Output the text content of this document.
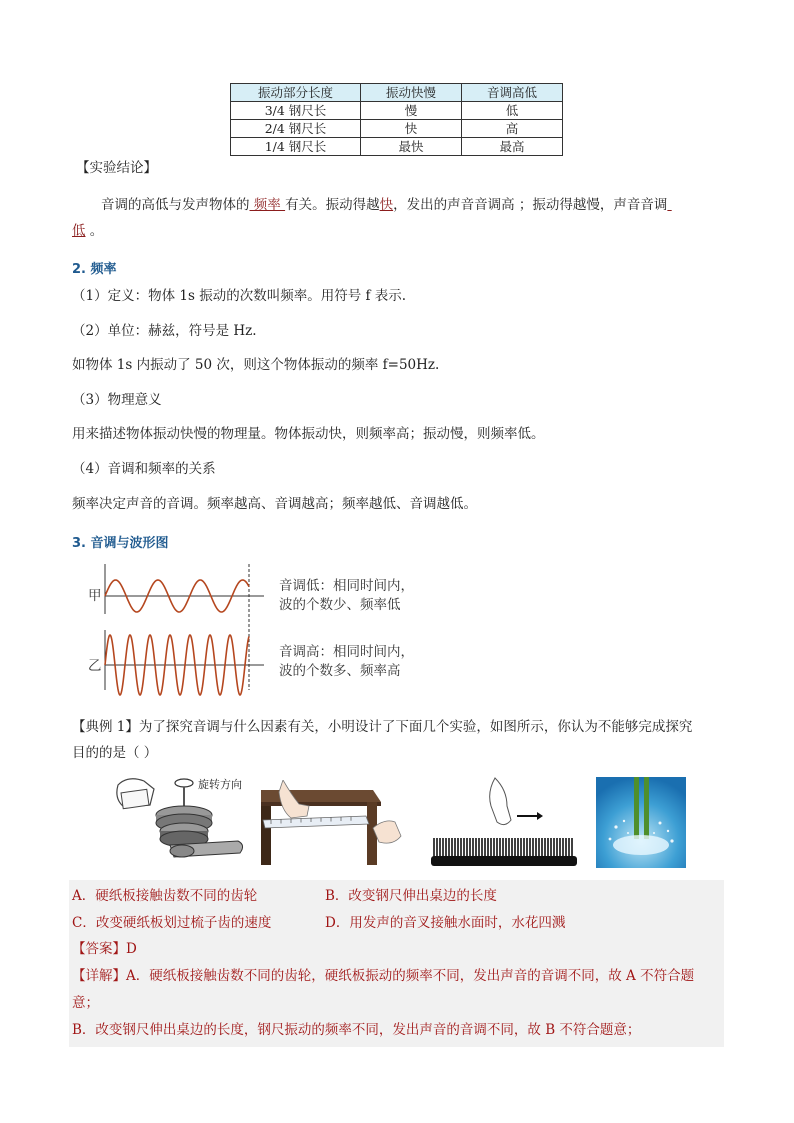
振动部分长度	振动快慢	音调高低
3/4 钢尺长	慢	低
2/4 钢尺长	快	高
1/4 钢尺长	最快	最高
【实验结论】
音调的高低与发声物体的 频率 有关。振动得越快，发出的声音音调高 ；振动得越慢，声音音调
低 。
2. 频率
（1）定义：物体 1s 振动的次数叫频率。用符号 f 表示.
（2）单位：赫兹，符号是 Hz.
如物体 1s 内振动了 50 次，则这个物体振动的频率 f=50Hz.
（3）物理意义
用来描述物体振动快慢的物理量。物体振动快，则频率高；振动慢，则频率低。
（4）音调和频率的关系
频率决定声音的音调。频率越高、音调越高；频率越低、音调越低。
3. 音调与波形图
甲
乙
音调低：相同时间内，
波的个数少、频率低
音调高：相同时间内，
波的个数多、频率高
【典例 1】为了探究音调与什么因素有关，小明设计了下面几个实验，如图所示，你认为不能够完成探究
目的的是（ ）
旋转方向
A．硬纸板接触齿数不同的齿轮	B．改变钢尺伸出桌边的长度
C．改变硬纸板划过梳子齿的速度	D．用发声的音叉接触水面时，水花四溅
【答案】D
【详解】A．硬纸板接触齿数不同的齿轮，硬纸板振动的频率不同，发出声音的音调不同，故 A 不符合题
意；
B．改变钢尺伸出桌边的长度，钢尺振动的频率不同，发出声音的音调不同，故 B 不符合题意；
